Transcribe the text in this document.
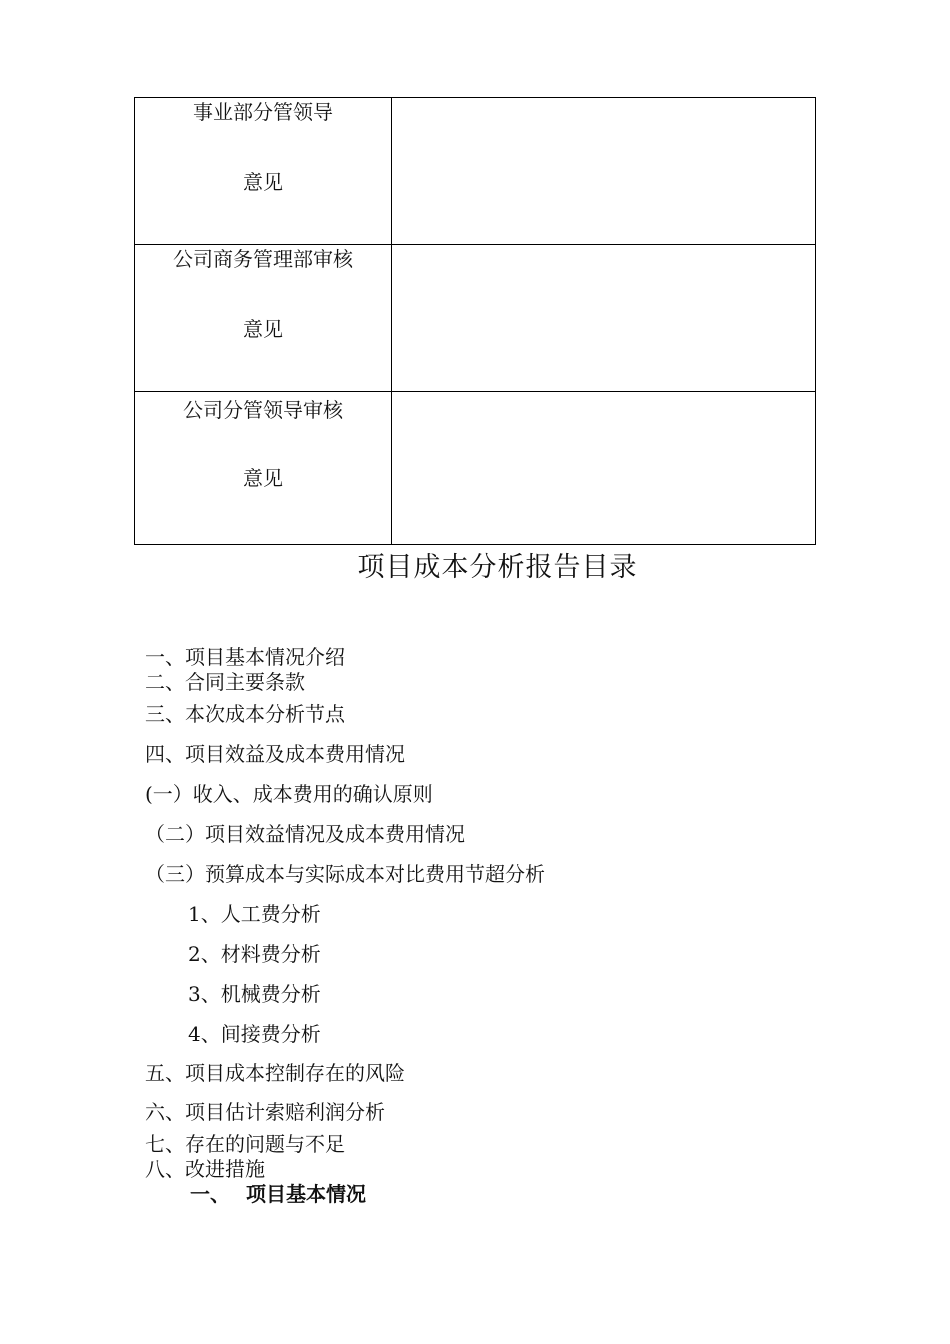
事业部分管领导
意见	

公司商务管理部审核
意见	

公司分管领导审核
意见	

项目成本分析报告目录
一、项目基本情况介绍
二、合同主要条款
三、本次成本分析节点
四、项目效益及成本费用情况
(一）收入、成本费用的确认原则
（二）项目效益情况及成本费用情况
（三）预算成本与实际成本对比费用节超分析
1、人工费分析
2、材料费分析
3、机械费分析
4、间接费分析
五、项目成本控制存在的风险
六、项目估计索赔利润分析
七、存在的问题与不足
八、改进措施
一、 项目基本情况
